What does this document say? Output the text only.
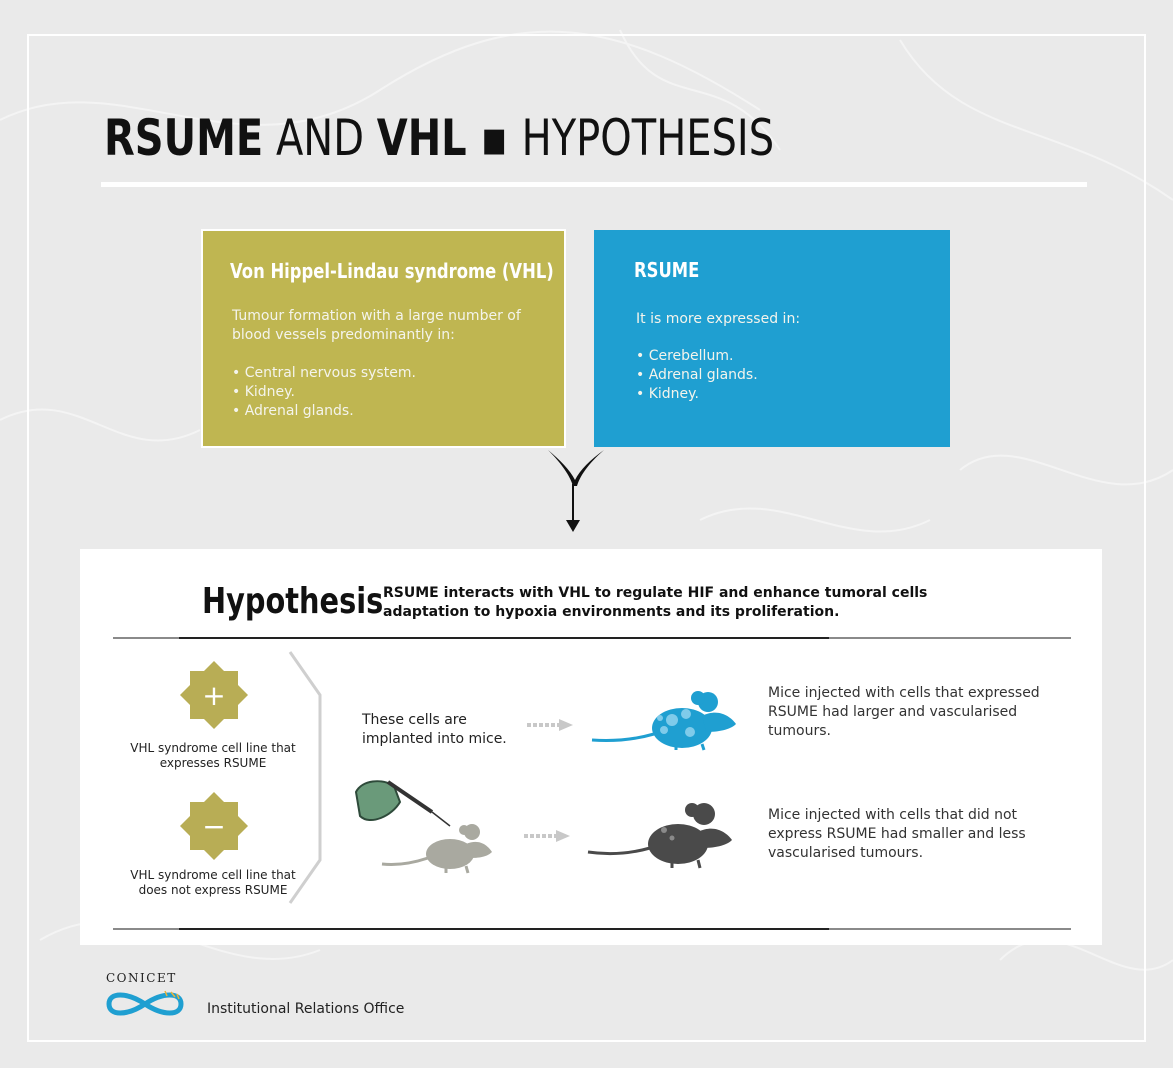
RSUME AND VHL ▪ HYPOTHESIS
Von Hippel-Lindau syndrome (VHL)

Tumour formation with a large number of blood vessels predominantly in:

• Central nervous system.
• Kidney.
• Adrenal glands.
RSUME

It is more expressed in:

• Cerebellum.
• Adrenal glands.
• Kidney.
Hypothesis RSUME interacts with VHL to regulate HIF and enhance tumoral cells adaptation to hypoxia environments and its proliferation.
+
VHL syndrome cell line that expresses RSUME
−
VHL syndrome cell line that does not express RSUME
These cells are implanted into mice.
Mice injected with cells that expressed RSUME had larger and vascularised tumours.
Mice injected with cells that did not express RSUME had smaller and less vascularised tumours.
CONICET
Institutional Relations Office
